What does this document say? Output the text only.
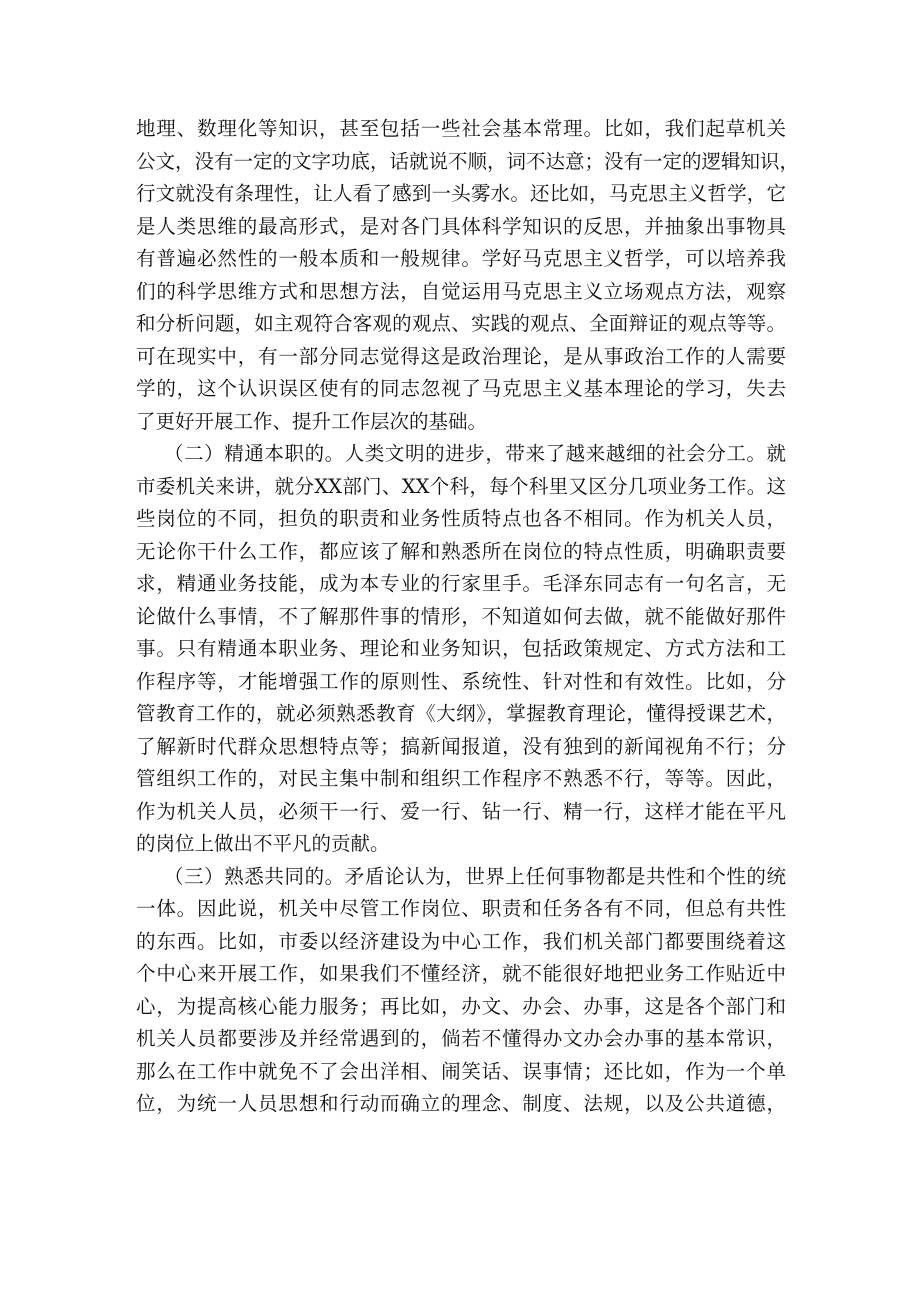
地理、数理化等知识，甚至包括一些社会基本常理。比如，我们起草机关
公文，没有一定的文字功底，话就说不顺，词不达意；没有一定的逻辑知识，
行文就没有条理性，让人看了感到一头雾水。还比如，马克思主义哲学，它
是人类思维的最高形式，是对各门具体科学知识的反思，并抽象出事物具
有普遍必然性的一般本质和一般规律。学好马克思主义哲学，可以培养我
们的科学思维方式和思想方法，自觉运用马克思主义立场观点方法，观察
和分析问题，如主观符合客观的观点、实践的观点、全面辩证的观点等等。
可在现实中，有一部分同志觉得这是政治理论，是从事政治工作的人需要
学的，这个认识误区使有的同志忽视了马克思主义基本理论的学习，失去
了更好开展工作、提升工作层次的基础。
（二）精通本职的。人类文明的进步，带来了越来越细的社会分工。就
市委机关来讲，就分XX部门、XX个科，每个科里又区分几项业务工作。这
些岗位的不同，担负的职责和业务性质特点也各不相同。作为机关人员，
无论你干什么工作，都应该了解和熟悉所在岗位的特点性质，明确职责要
求，精通业务技能，成为本专业的行家里手。毛泽东同志有一句名言，无
论做什么事情，不了解那件事的情形，不知道如何去做，就不能做好那件
事。只有精通本职业务、理论和业务知识，包括政策规定、方式方法和工
作程序等，才能增强工作的原则性、系统性、针对性和有效性。比如，分
管教育工作的，就必须熟悉教育《大纲》，掌握教育理论，懂得授课艺术，
了解新时代群众思想特点等；搞新闻报道，没有独到的新闻视角不行；分
管组织工作的，对民主集中制和组织工作程序不熟悉不行，等等。因此，
作为机关人员，必须干一行、爱一行、钻一行、精一行，这样才能在平凡
的岗位上做出不平凡的贡献。
（三）熟悉共同的。矛盾论认为，世界上任何事物都是共性和个性的统
一体。因此说，机关中尽管工作岗位、职责和任务各有不同，但总有共性
的东西。比如，市委以经济建设为中心工作，我们机关部门都要围绕着这
个中心来开展工作，如果我们不懂经济，就不能很好地把业务工作贴近中
心，为提高核心能力服务；再比如，办文、办会、办事，这是各个部门和
机关人员都要涉及并经常遇到的，倘若不懂得办文办会办事的基本常识，
那么在工作中就免不了会出洋相、闹笑话、误事情；还比如，作为一个单
位，为统一人员思想和行动而确立的理念、制度、法规，以及公共道德，
